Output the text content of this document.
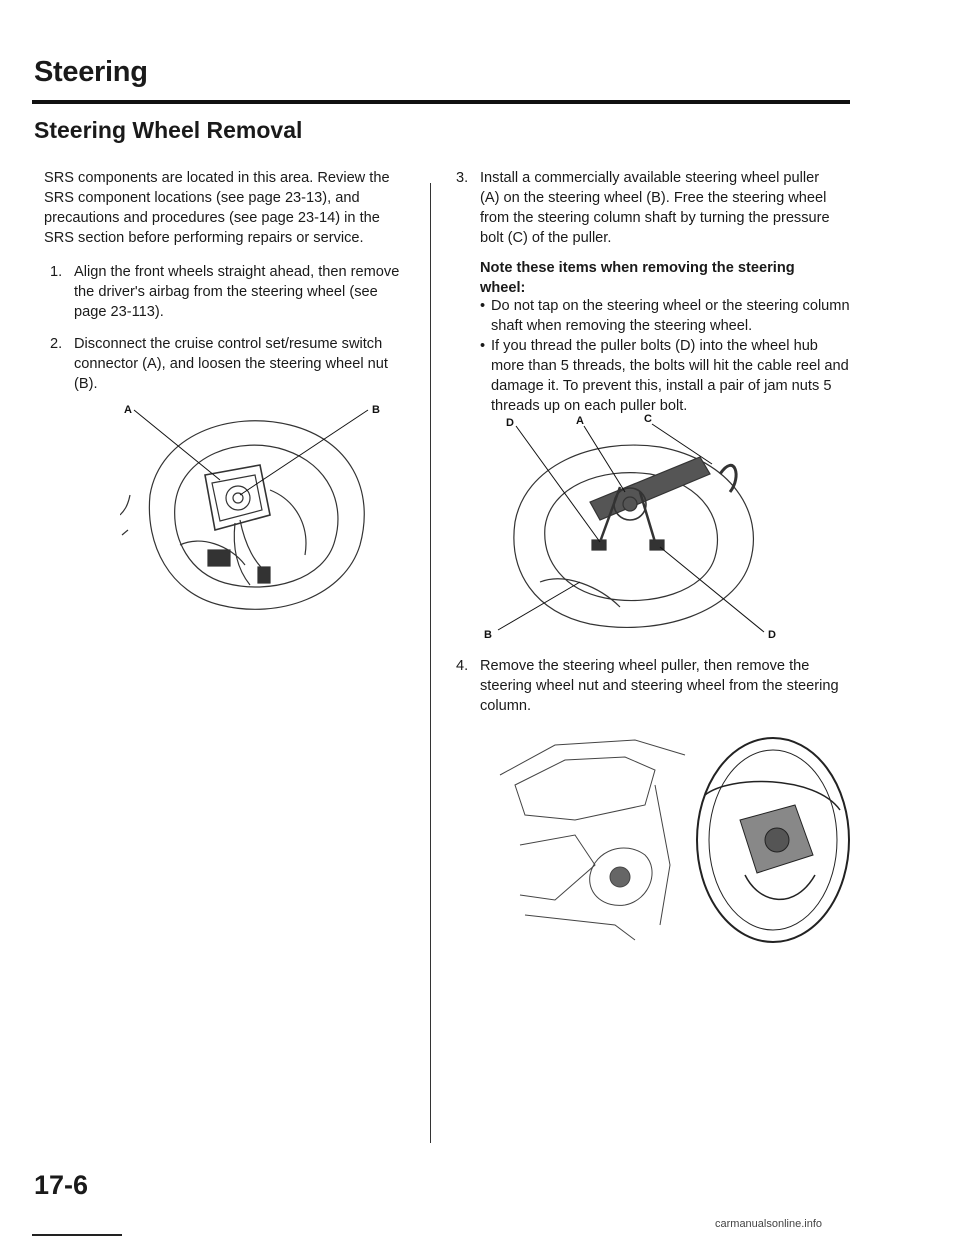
Steering
Steering Wheel Removal
SRS components are located in this area. Review the SRS component locations (see page 23-13), and precautions and procedures (see page 23-14) in the SRS section before performing repairs or service.
1. Align the front wheels straight ahead, then remove the driver's airbag from the steering wheel (see page 23-113).
2. Disconnect the cruise control set/resume switch connector (A), and loosen the steering wheel nut (B).
A	B
3. Install a commercially available steering wheel puller (A) on the steering wheel (B). Free the steering wheel from the steering column shaft by turning the pressure bolt (C) of the puller.
Note these items when removing the steering wheel:
• Do not tap on the steering wheel or the steering column shaft when removing the steering wheel.
• If you thread the puller bolts (D) into the wheel hub more than 5 threads, the bolts will hit the cable reel and damage it. To prevent this, install a pair of jam nuts 5 threads up on each puller bolt.
D	A	C
B	D
4. Remove the steering wheel puller, then remove the steering wheel nut and steering wheel from the steering column.
17-6
carmanualsonline.info
